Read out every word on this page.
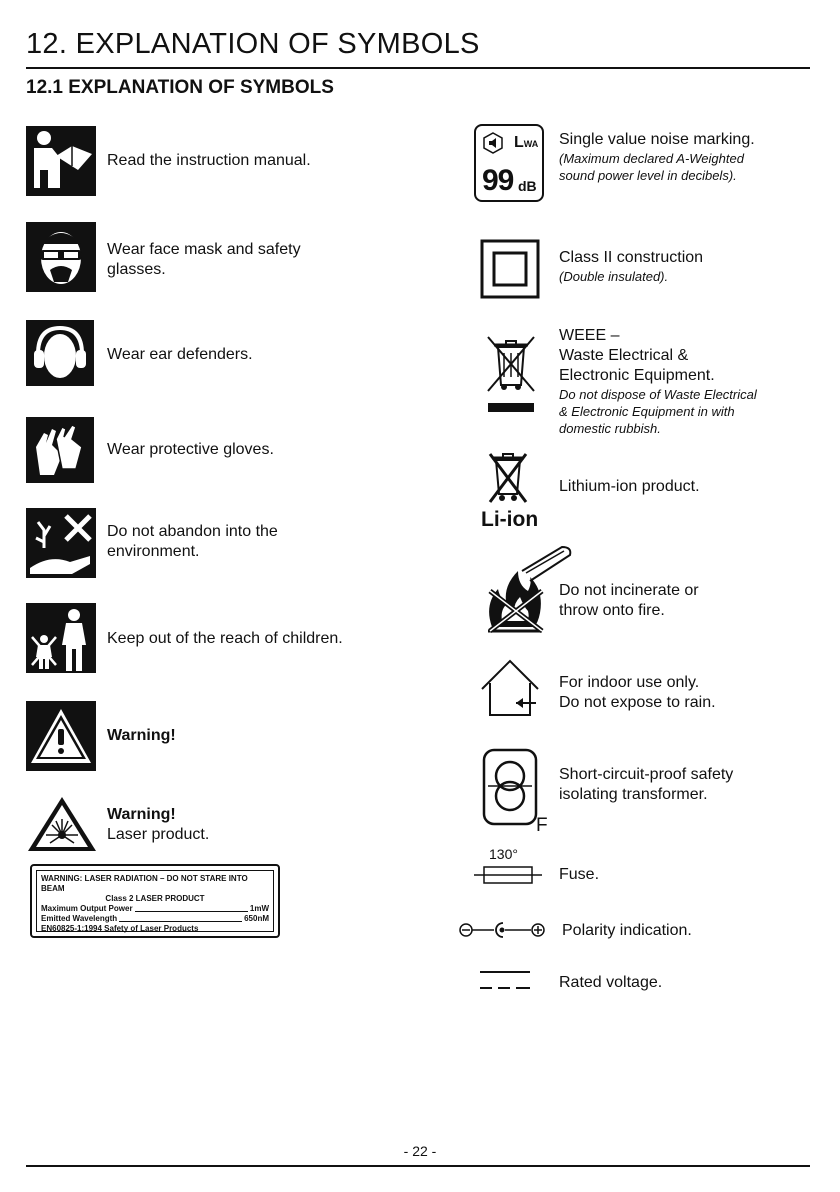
12. EXPLANATION OF SYMBOLS
12.1 EXPLANATION OF SYMBOLS
Read the instruction manual.
Wear face mask and safety
glasses.
Wear ear defenders.
Wear protective gloves.
Do not abandon into the
environment.
Keep out of the reach of children.
Warning!
Warning!
Laser product.
WARNING: LASER RADIATION – DO NOT STARE INTO BEAM
Class 2 LASER PRODUCT
Maximum Output Power	1mW
Emitted Wavelength	650nM
EN60825-1:1994 Safety of Laser Products
LWA
99 dB
Single value noise marking.
(Maximum declared A-Weighted
sound power level in decibels).
Class II construction
(Double insulated).
WEEE –
Waste Electrical &
Electronic Equipment.
Do not dispose of Waste Electrical
& Electronic Equipment in with
domestic rubbish.
Li-ion
Lithium-ion product.
Do not incinerate or
throw onto fire.
For indoor use only.
Do not expose to rain.
F
Short-circuit-proof safety
isolating transformer.
130°
Fuse.
Polarity indication.
Rated voltage.
- 22 -
